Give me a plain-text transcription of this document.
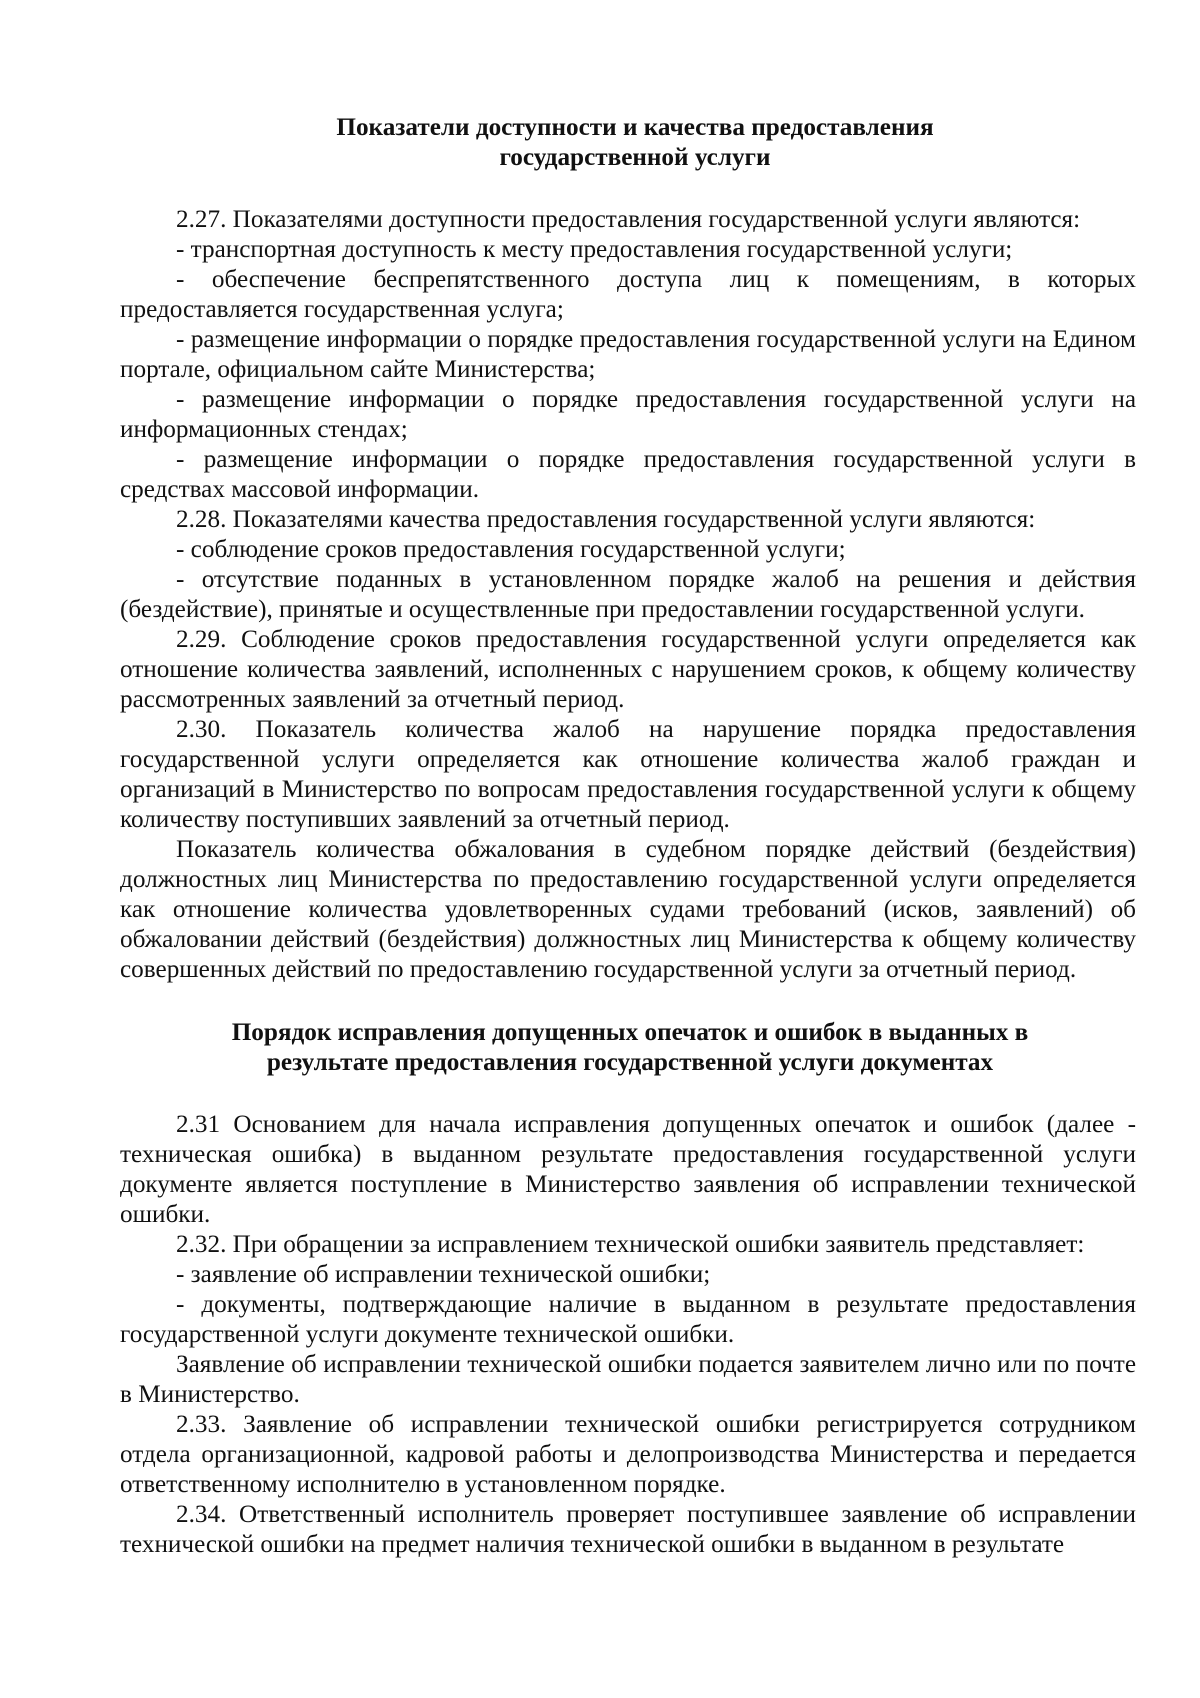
Показатели доступности и качества предоставления
государственной услуги

2.27. Показателями доступности предоставления государственной услуги являются:

- транспортная доступность к месту предоставления государственной услуги;

- обеспечение беспрепятственного доступа лиц к помещениям, в которых предоставляется государственная услуга;

- размещение информации о порядке предоставления государственной услуги на Едином портале, официальном сайте Министерства;

- размещение информации о порядке предоставления государственной услуги на информационных стендах;

- размещение информации о порядке предоставления государственной услуги в средствах массовой информации.

2.28. Показателями качества предоставления государственной услуги являются:

- соблюдение сроков предоставления государственной услуги;

- отсутствие поданных в установленном порядке жалоб на решения и действия (бездействие), принятые и осуществленные при предоставлении государственной услуги.

2.29. Соблюдение сроков предоставления государственной услуги определяется как отношение количества заявлений, исполненных с нарушением сроков, к общему количеству рассмотренных заявлений за отчетный период.

2.30. Показатель количества жалоб на нарушение порядка предоставления государственной услуги определяется как отношение количества жалоб граждан и организаций в Министерство по вопросам предоставления государственной услуги к общему количеству поступивших заявлений за отчетный период.

Показатель количества обжалования в судебном порядке действий (бездействия) должностных лиц Министерства по предоставлению государственной услуги определяется как отношение количества удовлетворенных судами требований (исков, заявлений) об обжаловании действий (бездействия) должностных лиц Министерства к общему количеству совершенных действий по предоставлению государственной услуги за отчетный период.

Порядок исправления допущенных опечаток и ошибок в выданных в
результате предоставления государственной услуги документах

2.31 Основанием для начала исправления допущенных опечаток и ошибок (далее - техническая ошибка) в выданном результате предоставления государственной услуги документе является поступление в Министерство заявления об исправлении технической ошибки.

2.32. При обращении за исправлением технической ошибки заявитель представляет:

- заявление об исправлении технической ошибки;

- документы, подтверждающие наличие в выданном в результате предоставления государственной услуги документе технической ошибки.

Заявление об исправлении технической ошибки подается заявителем лично или по почте в Министерство.

2.33. Заявление об исправлении технической ошибки регистрируется сотрудником отдела организационной, кадровой работы и делопроизводства Министерства и передается ответственному исполнителю в установленном порядке.

2.34. Ответственный исполнитель проверяет поступившее заявление об исправлении технической ошибки на предмет наличия технической ошибки в выданном в результате
